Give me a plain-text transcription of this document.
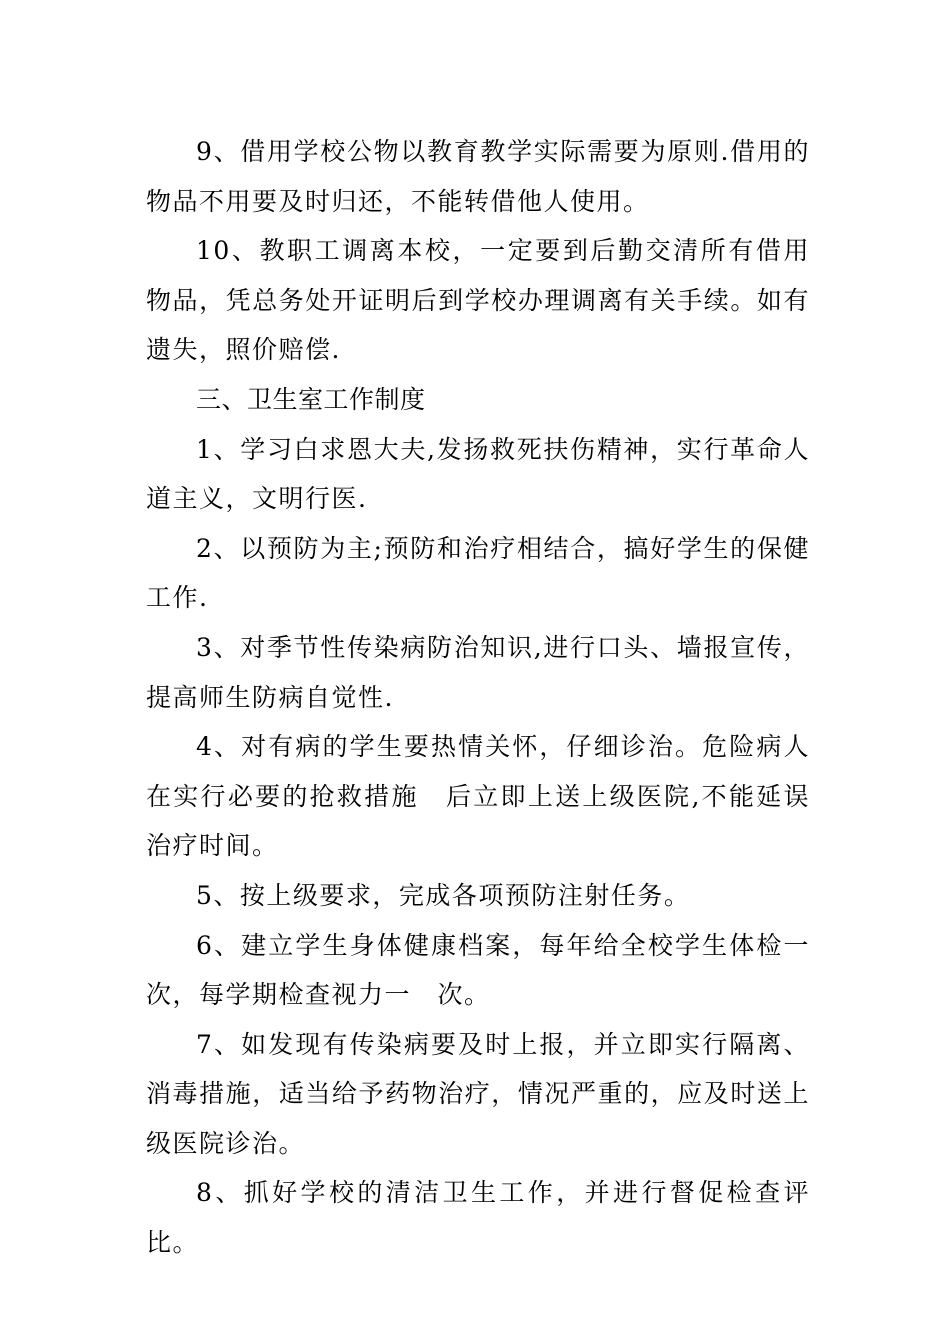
9、借用学校公物以教育教学实际需要为原则.借用的物品不用要及时归还，不能转借他人使用。

10、教职工调离本校，一定要到后勤交清所有借用物品，凭总务处开证明后到学校办理调离有关手续。如有遗失，照价赔偿.

三、卫生室工作制度

1、学习白求恩大夫,发扬救死扶伤精神，实行革命人道主义，文明行医.

2、以预防为主;预防和治疗相结合，搞好学生的保健工作.

3、对季节性传染病防治知识,进行口头、墙报宣传，提高师生防病自觉性.

4、对有病的学生要热情关怀，仔细诊治。危险病人在实行必要的抢救措施　后立即上送上级医院,不能延误治疗时间。

5、按上级要求，完成各项预防注射任务。

6、建立学生身体健康档案，每年给全校学生体检一次，每学期检查视力一　次。

7、如发现有传染病要及时上报，并立即实行隔离、消毒措施，适当给予药物治疗，情况严重的，应及时送上级医院诊治。

8、抓好学校的清洁卫生工作，并进行督促检查评比。
